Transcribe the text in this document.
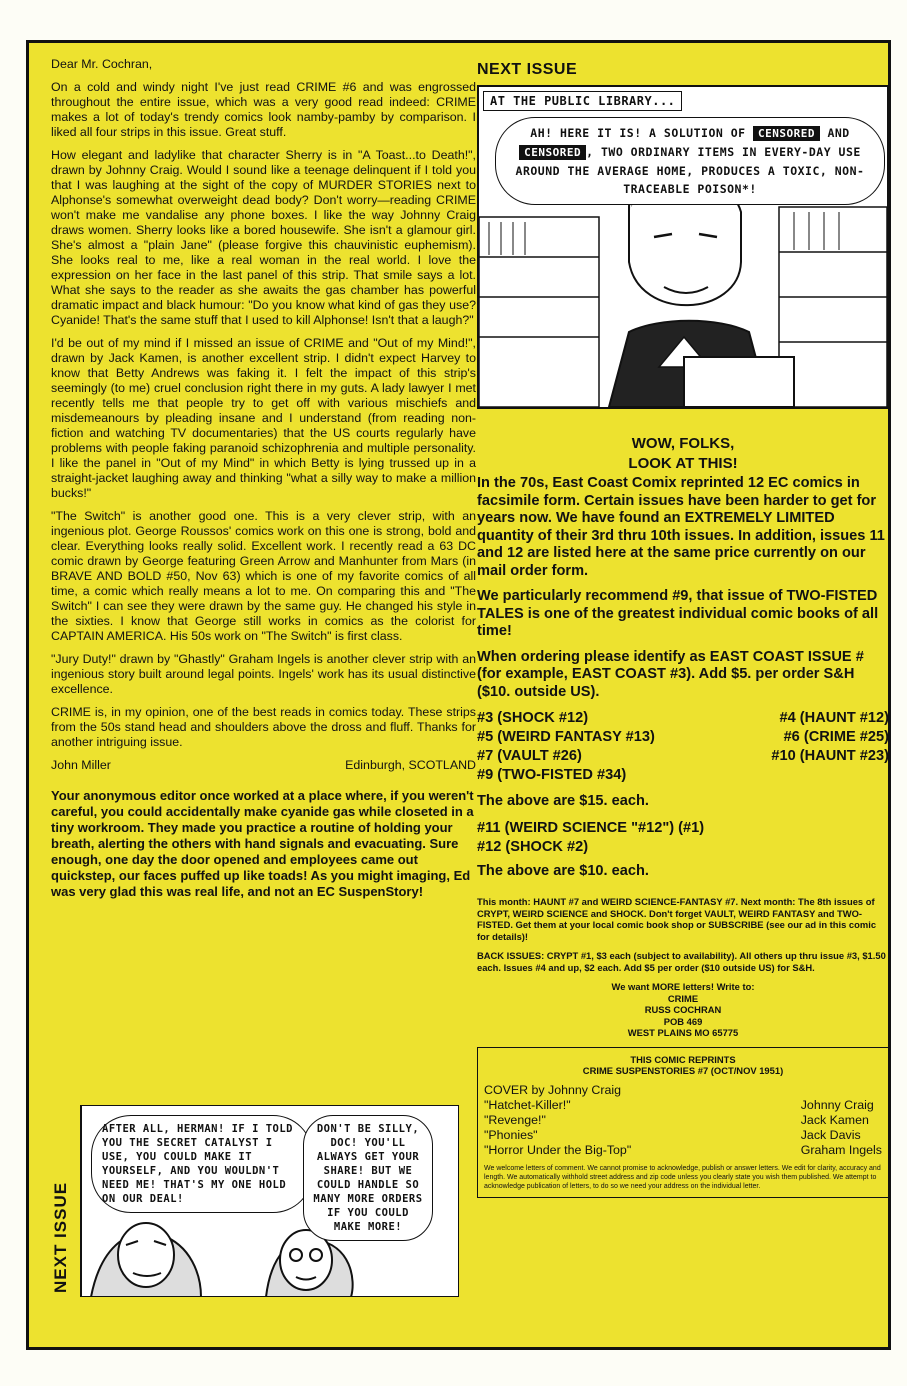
Dear Mr. Cochran,

On a cold and windy night I've just read CRIME #6 and was engrossed throughout the entire issue, which was a very good read indeed: CRIME makes a lot of today's trendy comics look namby-pamby by comparison. I liked all four strips in this issue. Great stuff.

How elegant and ladylike that character Sherry is in "A Toast...to Death!", drawn by Johnny Craig. Would I sound like a teenage delinquent if I told you that I was laughing at the sight of the copy of MURDER STORIES next to Alphonse's somewhat overweight dead body? Don't worry—reading CRIME won't make me vandalise any phone boxes. I like the way Johnny Craig draws women. Sherry looks like a bored housewife. She isn't a glamour girl. She's almost a "plain Jane" (please forgive this chauvinistic euphemism). She looks real to me, like a real woman in the real world. I love the expression on her face in the last panel of this strip. That smile says a lot. What she says to the reader as she awaits the gas chamber has powerful dramatic impact and black humour: "Do you know what kind of gas they use? Cyanide! That's the same stuff that I used to kill Alphonse! Isn't that a laugh?"

I'd be out of my mind if I missed an issue of CRIME and "Out of my Mind!", drawn by Jack Kamen, is another excellent strip. I didn't expect Harvey to know that Betty Andrews was faking it. I felt the impact of this strip's seemingly (to me) cruel conclusion right there in my guts. A lady lawyer I met recently tells me that people try to get off with various mischiefs and misdemeanours by pleading insane and I understand (from reading non-fiction and watching TV documentaries) that the US courts regularly have problems with people faking paranoid schizophrenia and multiple personality. I like the panel in "Out of my Mind" in which Betty is lying trussed up in a straight-jacket laughing away and thinking "what a silly way to make a million bucks!"

"The Switch" is another good one. This is a very clever strip, with an ingenious plot. George Roussos' comics work on this one is strong, bold and clear. Everything looks really solid. Excellent work. I recently read a 63 DC comic drawn by George featuring Green Arrow and Manhunter from Mars (in BRAVE AND BOLD #50, Nov 63) which is one of my favorite comics of all time, a comic which really means a lot to me. On comparing this and "The Switch" I can see they were drawn by the same guy. He changed his style in the sixties. I know that George still works in comics as the colorist for CAPTAIN AMERICA. His 50s work on "The Switch" is first class.

"Jury Duty!" drawn by "Ghastly" Graham Ingels is another clever strip with an ingenious story built around legal points. Ingels' work has its usual distinctive excellence.

CRIME is, in my opinion, one of the best reads in comics today. These strips from the 50s stand head and shoulders above the dross and fluff. Thanks for another intriguing issue.

John Miller	Edinburgh, SCOTLAND
Your anonymous editor once worked at a place where, if you weren't careful, you could accidentally make cyanide gas while closeted in a tiny workroom. They made you practice a routine of holding your breath, alerting the others with hand signals and evacuating. Sure enough, one day the door opened and employees came out quickstep, our faces puffed up like toads! As you might imaging, Ed was very glad this was real life, and not an EC SuspenStory!
NEXT ISSUE
AFTER ALL, HERMAN! IF I TOLD YOU THE SECRET CATALYST I USE, YOU COULD MAKE IT YOURSELF, AND YOU WOULDN'T NEED ME! THAT'S MY ONE HOLD ON OUR DEAL!
DON'T BE SILLY, DOC! YOU'LL ALWAYS GET YOUR SHARE! BUT WE COULD HANDLE SO MANY MORE ORDERS IF YOU COULD MAKE MORE!
NEXT ISSUE
AT THE PUBLIC LIBRARY...
AH! HERE IT IS! A SOLUTION OF CENSORED AND CENSORED , TWO ORDINARY ITEMS IN EVERY-DAY USE AROUND THE AVERAGE HOME, PRODUCES A TOXIC, NON-TRACEABLE POISON*!
WOW, FOLKS,
LOOK AT THIS!

In the 70s, East Coast Comix reprinted 12 EC comics in facsimile form. Certain issues have been harder to get for years now. We have found an EXTREMELY LIMITED quantity of their 3rd thru 10th issues. In addition, issues 11 and 12 are listed here at the same price currently on our mail order form.

We particularly recommend #9, that issue of TWO-FISTED TALES is one of the greatest individual comic books of all time!

When ordering please identify as EAST COAST ISSUE # (for example, EAST COAST #3). Add $5. per order S&H ($10. outside US).

#3 (SHOCK #12)	#4 (HAUNT #12)
#5 (WEIRD FANTASY #13)	#6 (CRIME #25)
#7 (VAULT #26)	#10 (HAUNT #23)
#9 (TWO-FISTED #34)

The above are $15. each.

#11 (WEIRD SCIENCE "#12") (#1)
#12 (SHOCK #2)

The above are $10. each.

This month: HAUNT #7 and WEIRD SCIENCE-FANTASY #7. Next month: The 8th issues of CRYPT, WEIRD SCIENCE and SHOCK. Don't forget VAULT, WEIRD FANTASY and TWO-FISTED. Get them at your local comic book shop or SUBSCRIBE (see our ad in this comic for details)!
BACK ISSUES: CRYPT #1, $3 each (subject to availability). All others up thru issue #3, $1.50 each. Issues #4 and up, $2 each. Add $5 per order ($10 outside US) for S&H.
We want MORE letters! Write to:
CRIME
RUSS COCHRAN
POB 469
WEST PLAINS MO 65775
THIS COMIC REPRINTS
CRIME SUSPENSTORIES #7 (OCT/NOV 1951)
COVER by Johnny Craig
"Hatchet-Killer!"	Johnny Craig
"Revenge!"	Jack Kamen
"Phonies"	Jack Davis
"Horror Under the Big-Top"	Graham Ingels
We welcome letters of comment. We cannot promise to acknowledge, publish or answer letters. We edit for clarity, accuracy and length. We automatically withhold street address and zip code unless you clearly state you wish them published. We attempt to acknowledge publication of letters, to do so we need your address on the individual letter.
